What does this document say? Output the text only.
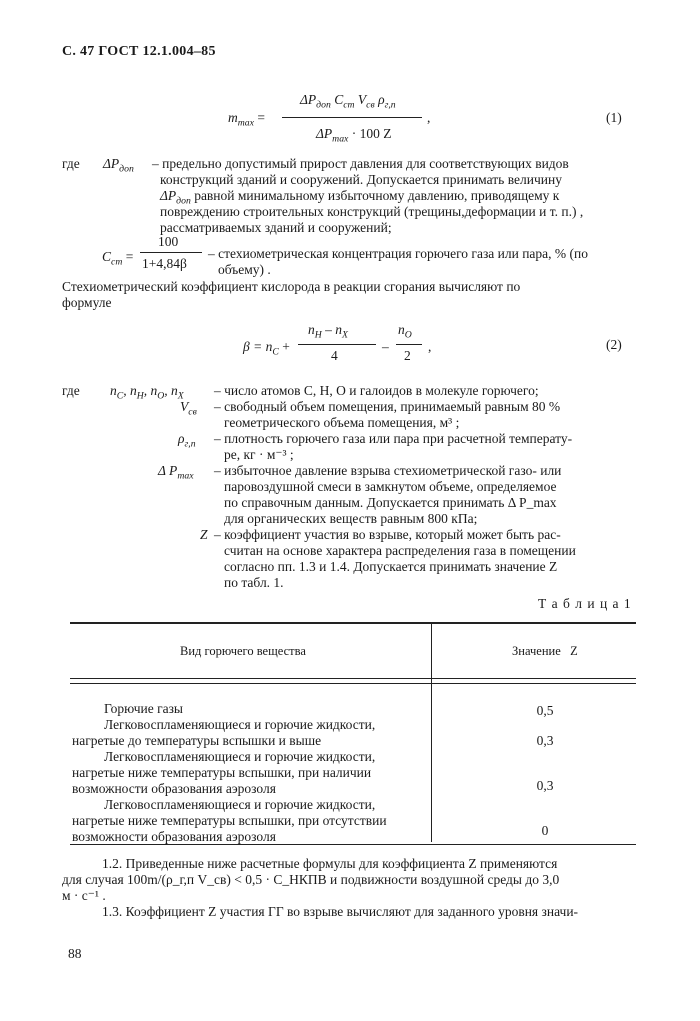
С. 47 ГОСТ 12.1.004–85
$m_{max}$ =
$\Delta P_{доп}$ $C_{ст}$ $V_{св}$ $\rho_{г,п}$
,
$\Delta P_{max} \cdot 100$ Z
(1)
где $\Delta P_{доп}$ – предельно допустимый прирост давления для соответствующих видов
конструкций зданий и сооружений. Допускается принимать величину
$\Delta P_{доп}$ равной минимальному избыточному давлению, приводящему к
повреждению строительных конструкций (трещины,деформации и т. п.) ,
рассматриваемых зданий и сооружений;
$C_{ст}$ =
100
1+4,84β
– стехиометрическая концентрация горючего газа или пара, % (по
объему) .
Стехиометрический коэффициент кислорода в реакции сгорания вычисляют по
формуле
$\beta = n_C$ +
$n_H - n_X$
4
–
$n_O$
2
,	(2)
где $n_C$, $n_H$, $n_O$, $n_X$ – число атомов С, Н, О и галоидов в молекуле горючего;
$V_{св}$ – свободный объем помещения, принимаемый равным 80 %
геометрического объема помещения, м³ ;
$\rho_{г,п}$ – плотность горючего газа или пара при расчетной температу-
ре, кг · м⁻³ ;
Δ $P_{max}$ – избыточное давление взрыва стехиометрической газо- или
паровоздушной смеси в замкнутом объеме, определяемое
по справочным данным. Допускается принимать Δ P_max
для органических веществ равным 800 кПа;
Z – коэффициент участия во взрыве, который может быть рас-
считан на основе характера распределения газа в помещении
согласно пп. 1.3 и 1.4. Допускается принимать значение Z
по табл. 1.
Т а б л и ц а 1
Вид горючего вещества	Значение   Z
Горючие газы	0,5
Легковоспламеняющиеся и горючие жидкости,
нагретые до температуры вспышки и выше	0,3
Легковоспламеняющиеся и горючие жидкости,
нагретые ниже температуры вспышки, при наличии
возможности образования аэрозоля	0,3
Легковоспламеняющиеся и горючие жидкости,
нагретые ниже температуры вспышки, при отсутствии
возможности образования аэрозоля	0
1.2. Приведенные ниже расчетные формулы для коэффициента Z применяются
для случая 100m/(ρ_г,п V_св) < 0,5 · C_НКПВ и подвижности воздушной среды до 3,0
м · с⁻¹ .
1.3. Коэффициент Z участия ГГ во взрыве вычисляют для заданного уровня значи-
88
